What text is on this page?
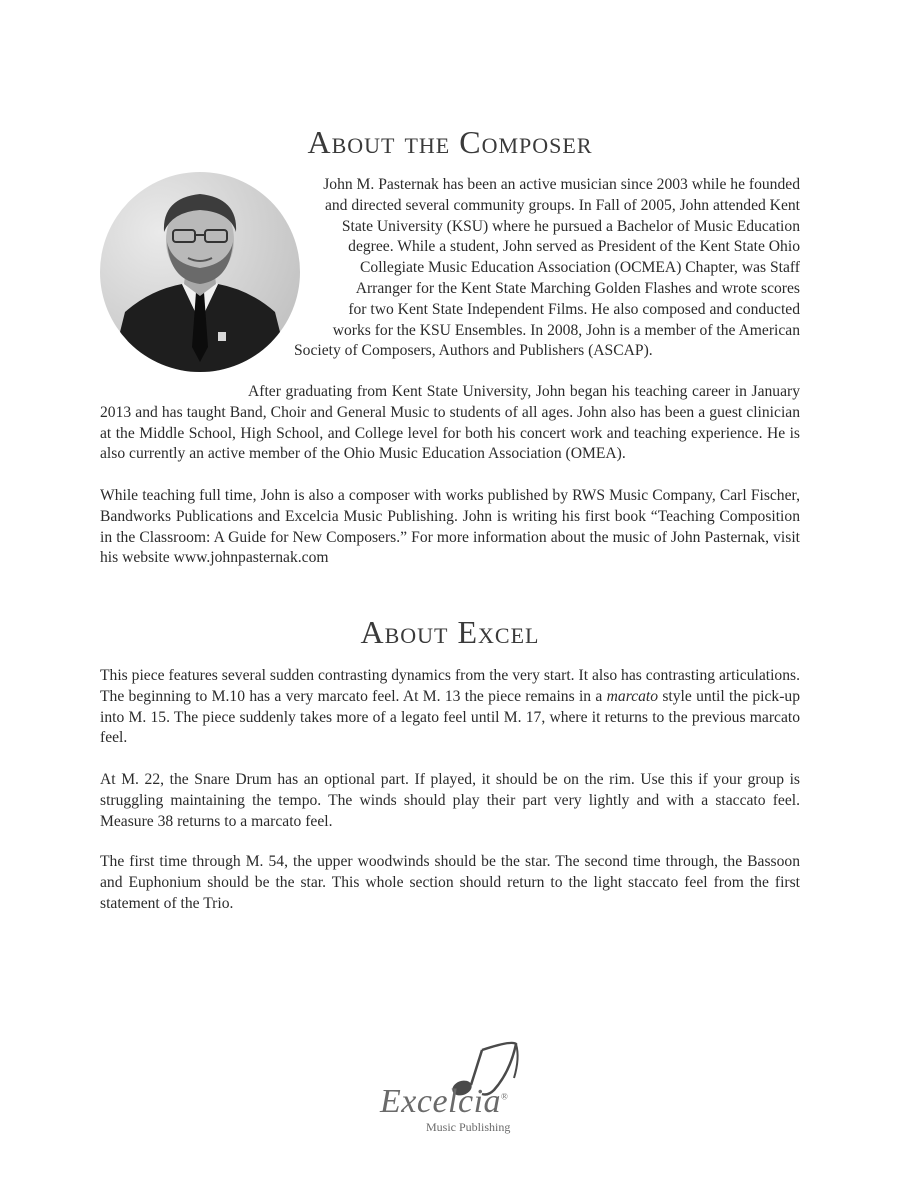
About the Composer
John M. Pasternak has been an active musician since 2003 while he founded
and directed several community groups. In Fall of 2005, John attended Kent
State University (KSU) where he pursued a Bachelor of Music Education
degree. While a student, John served as President of the Kent State Ohio
Collegiate Music Education Association (OCMEA) Chapter, was Staff
Arranger for the Kent State Marching Golden Flashes and wrote scores
for two Kent State Independent Films. He also composed and conducted
works for the KSU Ensembles. In 2008, John is a member of the American
Society of Composers, Authors and Publishers (ASCAP).

After graduating from Kent State University, John began his teaching career in January 2013 and has taught Band, Choir and General Music to students of all ages. John also has been a guest clinician at the Middle School, High School, and College level for both his concert work and teaching experience. He is also currently an active member of the Ohio Music Education Association (OMEA).

While teaching full time, John is also a composer with works published by RWS Music Company, Carl Fischer, Bandworks Publications and Excelcia Music Publishing. John is writing his first book “Teaching Composition in the Classroom: A Guide for New Composers.” For more information about the music of John Pasternak, visit his website www.johnpasternak.com

About Excel

This piece features several sudden contrasting dynamics from the very start. It also has contrasting articulations. The beginning to M.10 has a very marcato feel. At M. 13 the piece remains in a marcato style until the pick-up into M. 15. The piece suddenly takes more of a legato feel until M. 17, where it returns to the previous marcato feel.

At M. 22, the Snare Drum has an optional part. If played, it should be on the rim. Use this if your group is struggling maintaining the tempo. The winds should play their part very lightly and with a staccato feel. Measure 38 returns to a marcato feel.

The first time through M. 54, the upper woodwinds should be the star. The second time through, the Bassoon and Euphonium should be the star. This whole section should return to the light staccato feel from the first statement of the Trio.

Excelcia®
Music Publishing
